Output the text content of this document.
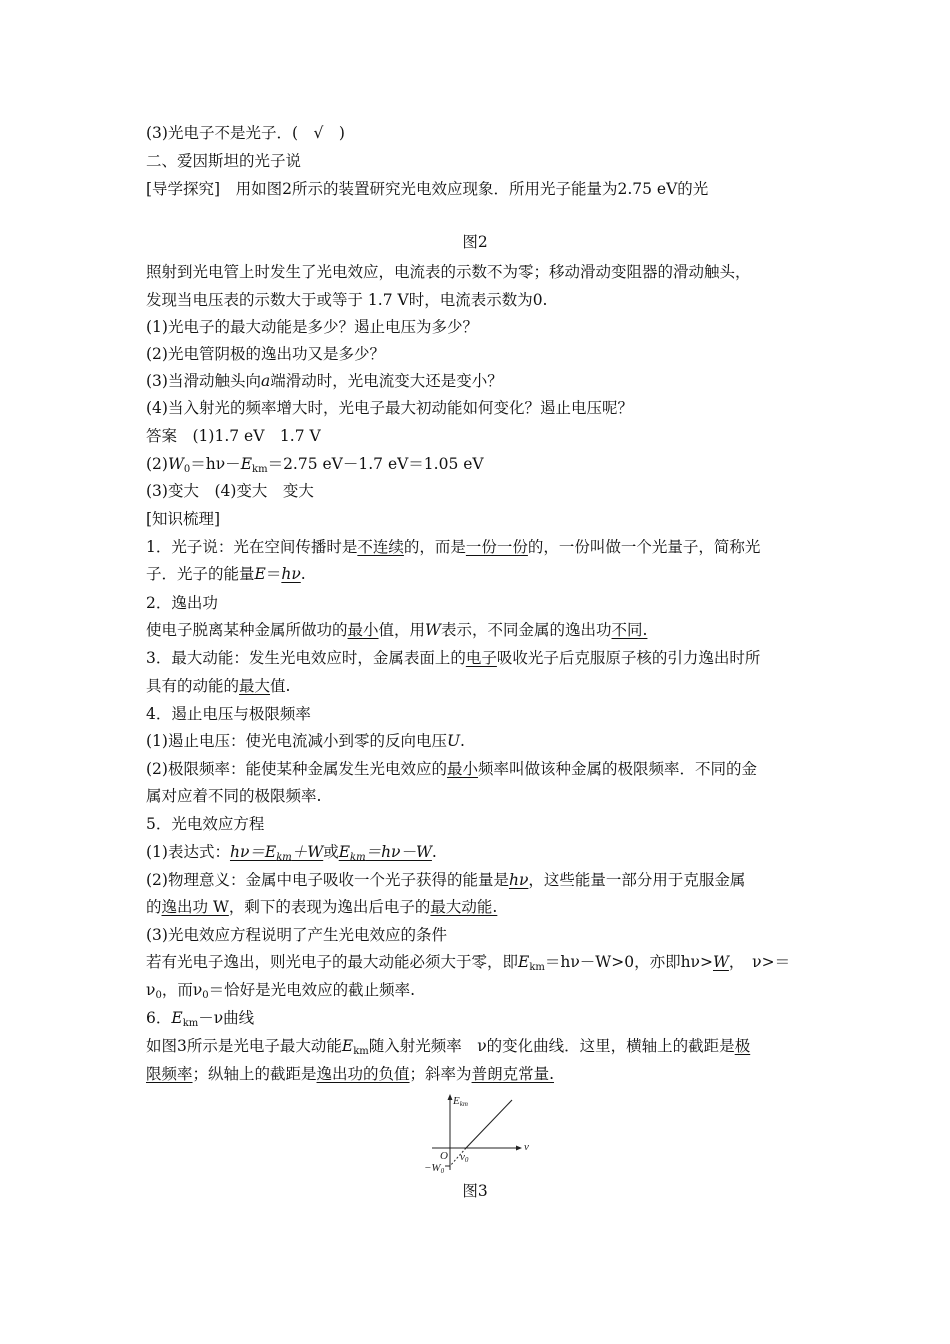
(3)光电子不是光子．(　√　)
二、爱因斯坦的光子说
[导学探究]　用如图2所示的装置研究光电效应现象．所用光子能量为2.75 eV的光
图2
照射到光电管上时发生了光电效应，电流表的示数不为零；移动滑动变阻器的滑动触头，
发现当电压表的示数大于或等于 1.7 V时，电流表示数为0.
(1)光电子的最大动能是多少？遏止电压为多少？
(2)光电管阴极的逸出功又是多少？
(3)当滑动触头向a端滑动时，光电流变大还是变小？
(4)当入射光的频率增大时，光电子最大初动能如何变化？遏止电压呢？
答案　(1)1.7 eV　1.7 V
$(2)W_0=h\nu-E_{km}=2.75$ eV－1.7 eV＝1.05 eV
(3)变大　(4)变大　变大
[知识梳理]
1．光子说：光在空间传播时是不连续的，而是一份一份的，一份叫做一个光量子，简称光
子．光子的能量E＝hν.
2．逸出功
使电子脱离某种金属所做功的最小值，用W表示，不同金属的逸出功不同.
3．最大动能：发生光电效应时，金属表面上的电子吸收光子后克服原子核的引力逸出时所
具有的动能的最大值.
4．遏止电压与极限频率
(1)遏止电压：使光电流减小到零的反向电压U.
(2)极限频率：能使某种金属发生光电效应的最小频率叫做该种金属的极限频率．不同的金
属对应着不同的极限频率.
5．光电效应方程
(1)表达式：$h\nu=E_{km}+W$或$E_{km}=h\nu-W$.
(2)物理意义：金属中电子吸收一个光子获得的能量是hν，这些能量一部分用于克服金属
的逸出功 W，剩下的表现为逸出后电子的最大动能.
(3)光电效应方程说明了产生光电效应的条件
若有光电子逸出，则光电子的最大动能必须大于零，即$E_{km}=h\nu-W>0$，亦即hν>W，　ν>＝
$\nu_0$，而$\nu_0=$恰好是光电效应的截止频率.
6．$E_{km}-\nu$曲线
如图3所示是光电子最大动能$E_{km}$随入射光频率　ν的变化曲线．这里，横轴上的截距是极
限频率；纵轴上的截距是逸出功的负值；斜率为普朗克常量.
Ekm
ν
O ν0
−W0
图3
